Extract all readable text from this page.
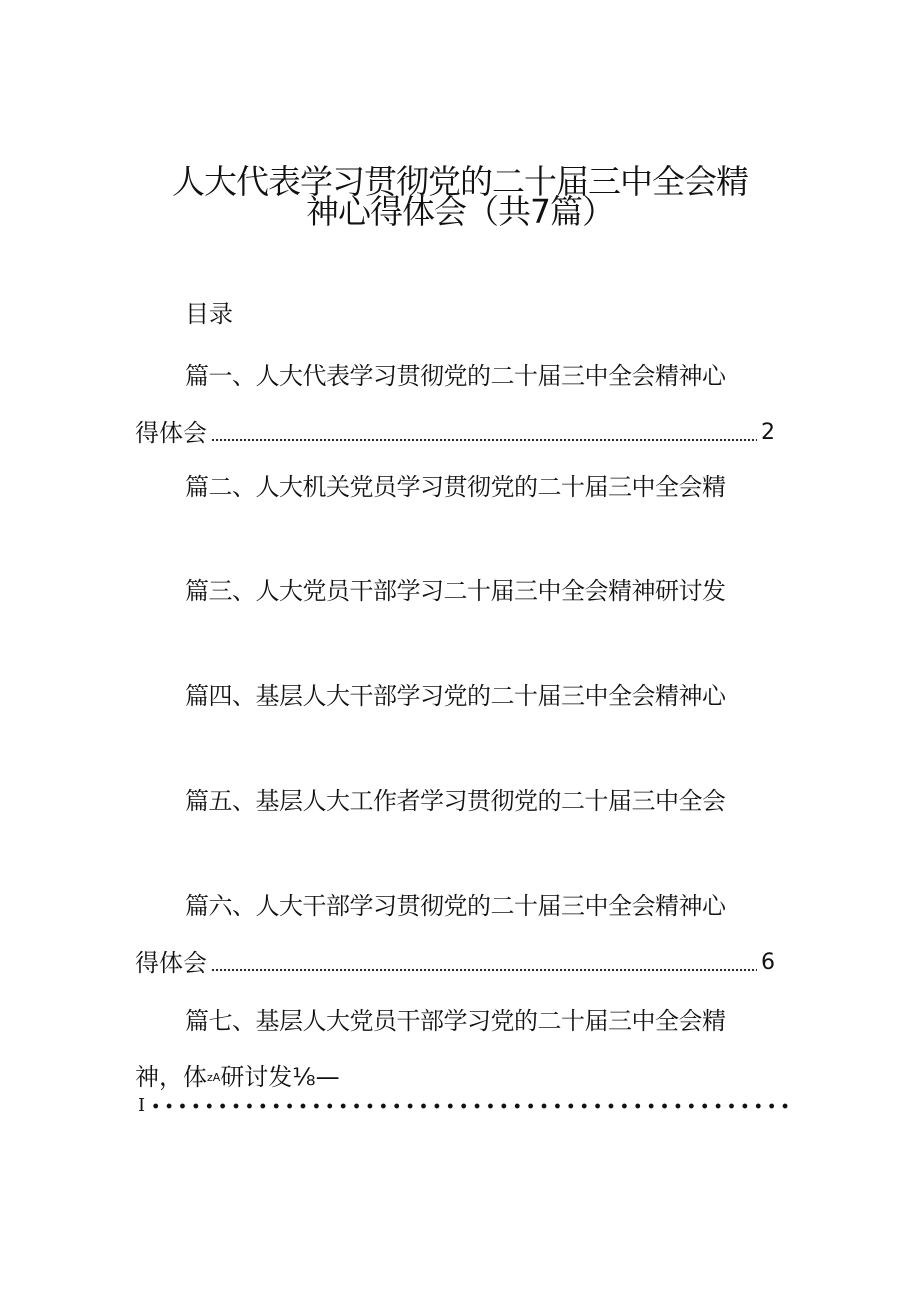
人大代表学习贯彻党的二十届三中全会精
神心得体会（共7篇）
目录
篇一、人大代表学习贯彻党的二十届三中全会精神心
得体会	2
篇二、人大机关党员学习贯彻党的二十届三中全会精
篇三、人大党员干部学习二十届三中全会精神研讨发
篇四、基层人大干部学习党的二十届三中全会精神心
篇五、基层人大工作者学习贯彻党的二十届三中全会
篇六、人大干部学习贯彻党的二十届三中全会精神心
得体会	6
篇七、基层人大党员干部学习党的二十届三中全会精
神，体zA研讨发⅛—
I
